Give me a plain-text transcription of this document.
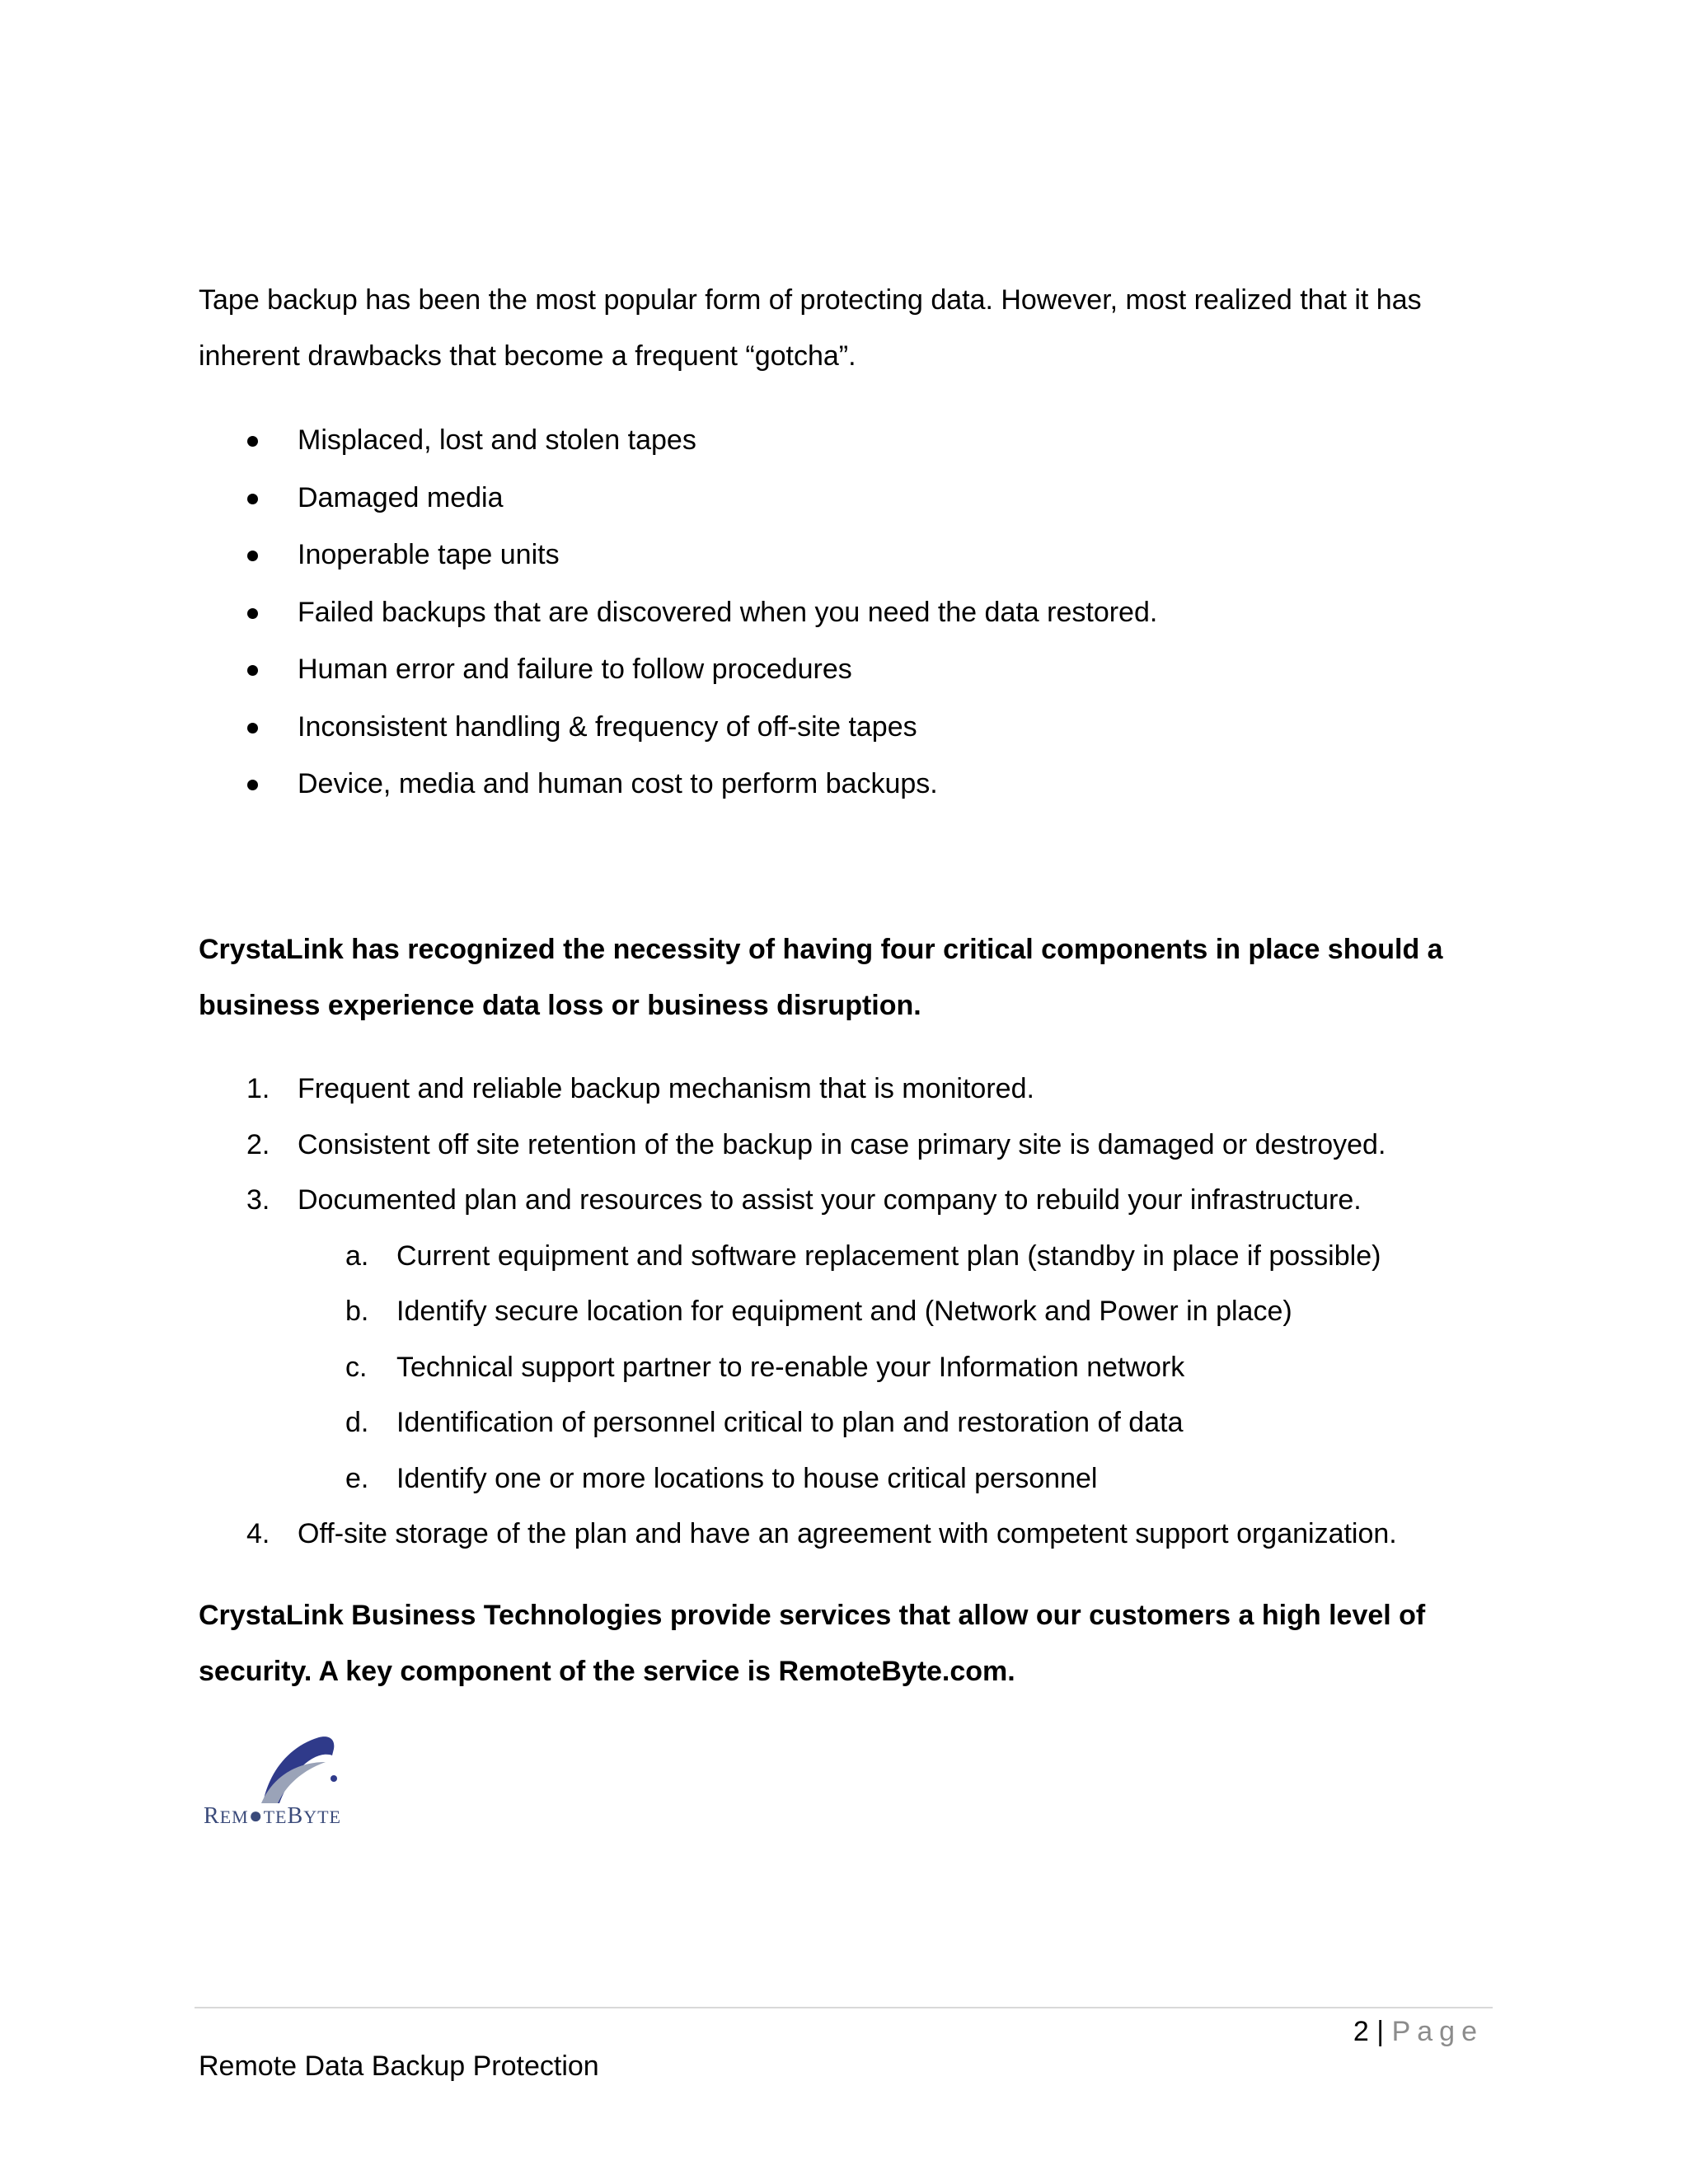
Tape backup has been the most popular form of protecting data. However, most realized that it has inherent drawbacks that become a frequent “gotcha”.

Misplaced, lost and stolen tapes
Damaged media
Inoperable tape units
Failed backups that are discovered when you need the data restored.
Human error and failure to follow procedures
Inconsistent handling & frequency of off-site tapes
Device, media and human cost to perform backups.

CrystaLink has recognized the necessity of having four critical components in place should a business experience data loss or business disruption.

1. Frequent and reliable backup mechanism that is monitored.
2. Consistent off site retention of the backup in case primary site is damaged or destroyed.
3. Documented plan and resources to assist your company to rebuild your infrastructure.
a. Current equipment and software replacement plan (standby in place if possible)
b. Identify secure location for equipment and (Network and Power in place)
c. Technical support partner to re-enable your Information network
d. Identification of personnel critical to plan and restoration of data
e. Identify one or more locations to house critical personnel
4. Off-site storage of the plan and have an agreement with competent support organization.

CrystaLink Business Technologies provide services that allow our customers a high level of security. A key component of the service is RemoteByte.com.

REM●TEBYTE
2 | Page
Remote Data Backup Protection
